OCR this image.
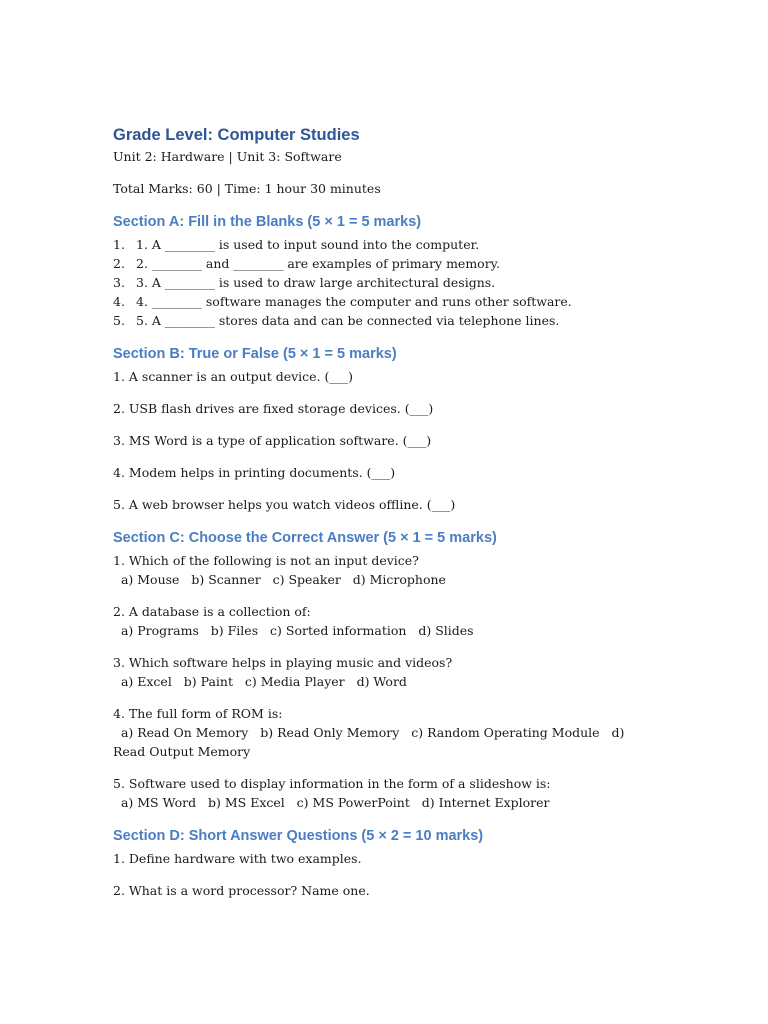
Grade Level: Computer Studies

Unit 2: Hardware | Unit 3: Software

Total Marks: 60 | Time: 1 hour 30 minutes

Section A: Fill in the Blanks (5 × 1 = 5 marks)
1. 1. A ________ is used to input sound into the computer.
2. 2. ________ and ________ are examples of primary memory.
3. 3. A ________ is used to draw large architectural designs.
4. 4. ________ software manages the computer and runs other software.
5. 5. A ________ stores data and can be connected via telephone lines.
Section B: True or False (5 × 1 = 5 marks)

1. A scanner is an output device. (___)

2. USB flash drives are fixed storage devices. (___)

3. MS Word is a type of application software. (___)

4. Modem helps in printing documents. (___)

5. A web browser helps you watch videos offline. (___)

Section C: Choose the Correct Answer (5 × 1 = 5 marks)

1. Which of the following is not an input device?

a) Mouse   b) Scanner   c) Speaker   d) Microphone

2. A database is a collection of:

a) Programs   b) Files   c) Sorted information   d) Slides

3. Which software helps in playing music and videos?

a) Excel   b) Paint   c) Media Player   d) Word

4. The full form of ROM is:

a) Read On Memory   b) Read Only Memory   c) Random Operating Module   d) Read Output Memory

5. Software used to display information in the form of a slideshow is:

a) MS Word   b) MS Excel   c) MS PowerPoint   d) Internet Explorer

Section D: Short Answer Questions (5 × 2 = 10 marks)

1. Define hardware with two examples.

2. What is a word processor? Name one.
